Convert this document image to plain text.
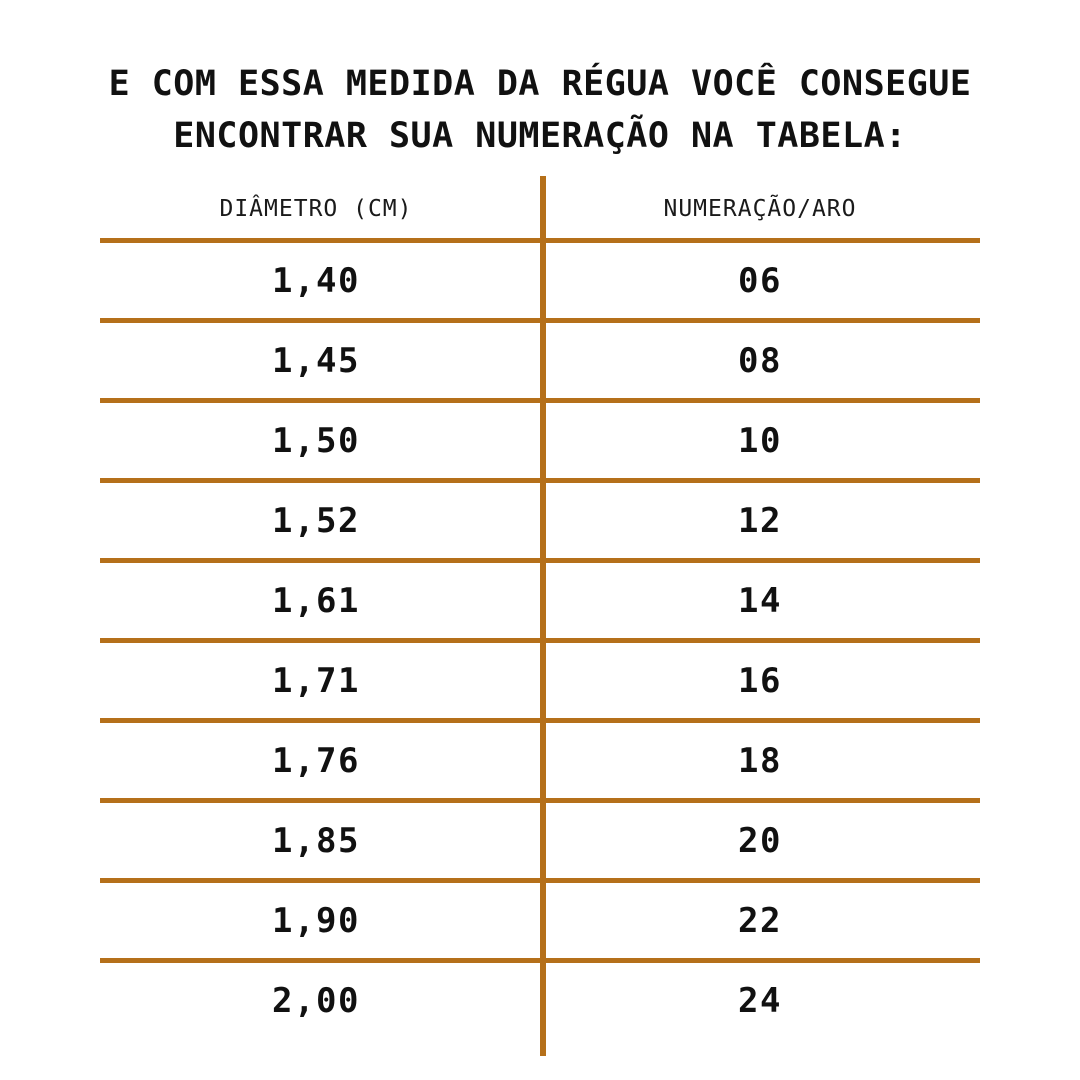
E COM ESSA MEDIDA DA RÉGUA VOCÊ CONSEGUE
ENCONTRAR SUA NUMERAÇÃO NA TABELA:
DIÂMETRO (CM)	NUMERAÇÃO/ARO
1,40	06
1,45	08
1,50	10
1,52	12
1,61	14
1,71	16
1,76	18
1,85	20
1,90	22
2,00	24
